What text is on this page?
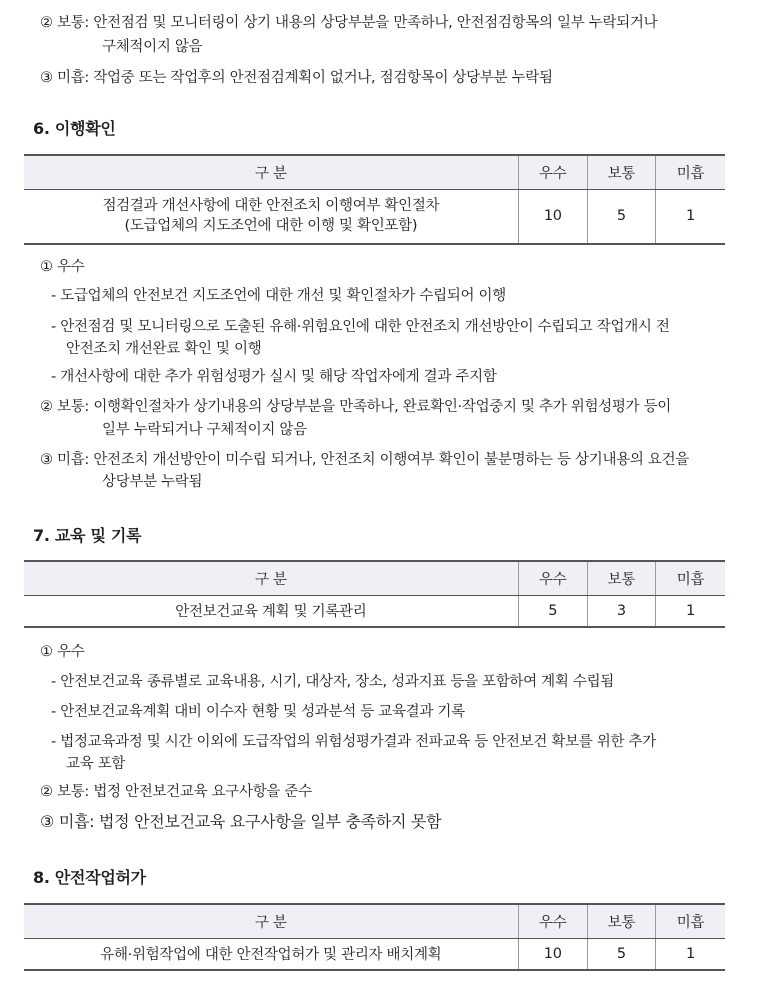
② 보통: 안전점검 및 모니터링이 상기 내용의 상당부분을 만족하나, 안전점검항목의 일부 누락되거나
구체적이지 않음
③ 미흡: 작업중 또는 작업후의 안전점검계획이 없거나, 점검항목이 상당부분 누락됨
6. 이행확인
구 분	우수	보통	미흡

점검결과 개선사항에 대한 안전조치 이행여부 확인절차
(도급업체의 지도조언에 대한 이행 및 확인포함)	10	5	1
① 우수
- 도급업체의 안전보건 지도조언에 대한 개선 및 확인절차가 수립되어 이행
- 안전점검 및 모니터링으로 도출된 유해·위험요인에 대한 안전조치 개선방안이 수립되고 작업개시 전
안전조치 개선완료 확인 및 이행
- 개선사항에 대한 추가 위험성평가 실시 및 해당 작업자에게 결과 주지함
② 보통: 이행확인절차가 상기내용의 상당부분을 만족하나, 완료확인·작업중지 및 추가 위험성평가 등이
일부 누락되거나 구체적이지 않음
③ 미흡: 안전조치 개선방안이 미수립 되거나, 안전조치 이행여부 확인이 불분명하는 등 상기내용의 요건을
상당부분 누락됨
7. 교육 및 기록
구 분	우수	보통	미흡
안전보건교육 계획 및 기록관리	5	3	1
① 우수
- 안전보건교육 종류별로 교육내용, 시기, 대상자, 장소, 성과지표 등을 포함하여 계획 수립됨
- 안전보건교육계획 대비 이수자 현황 및 성과분석 등 교육결과 기록
- 법정교육과정 및 시간 이외에 도급작업의 위험성평가결과 전파교육 등 안전보건 확보를 위한 추가
교육 포함
② 보통: 법정 안전보건교육 요구사항을 준수
③ 미흡: 법정 안전보건교육 요구사항을 일부 충족하지 못함
8. 안전작업허가
구 분	우수	보통	미흡
유해·위험작업에 대한 안전작업허가 및 관리자 배치계획	10	5	1
